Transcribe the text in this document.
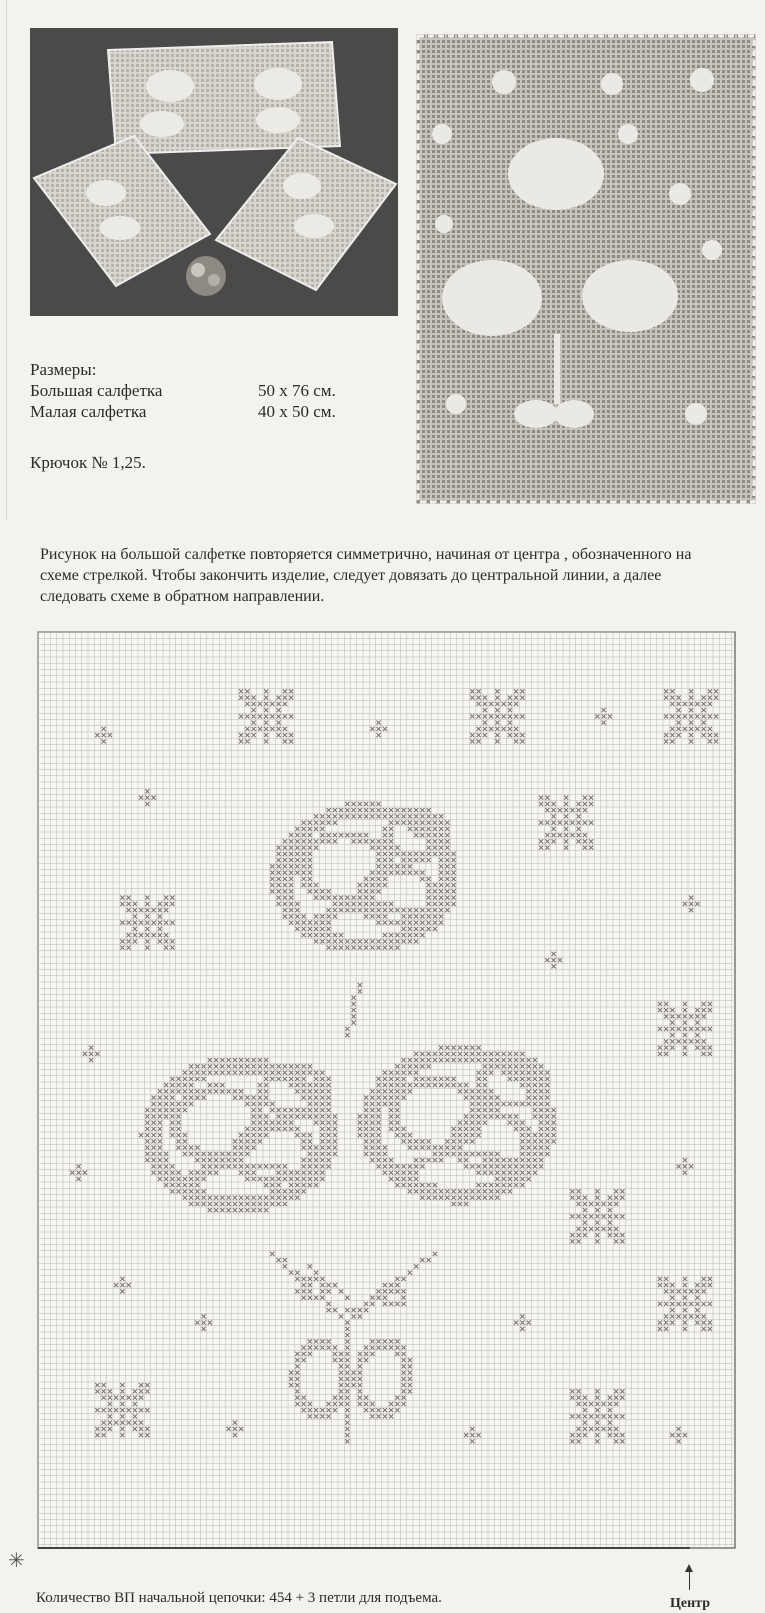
Размеры:
Большая салфетка	50 x 76 см.
Малая салфетка	40 x 50 см.
Крючок № 1,25.
Рисунок на большой салфетке повторяется симметрично, начиная от центра , обозначенного на схеме стрелкой. Чтобы закончить изделие, следует довязать до центральной линии, а далее следовать схеме в обратном направлении.
✳
Количество ВП начальной цепочки: 454 + 3 петли для подъема.	Центр
